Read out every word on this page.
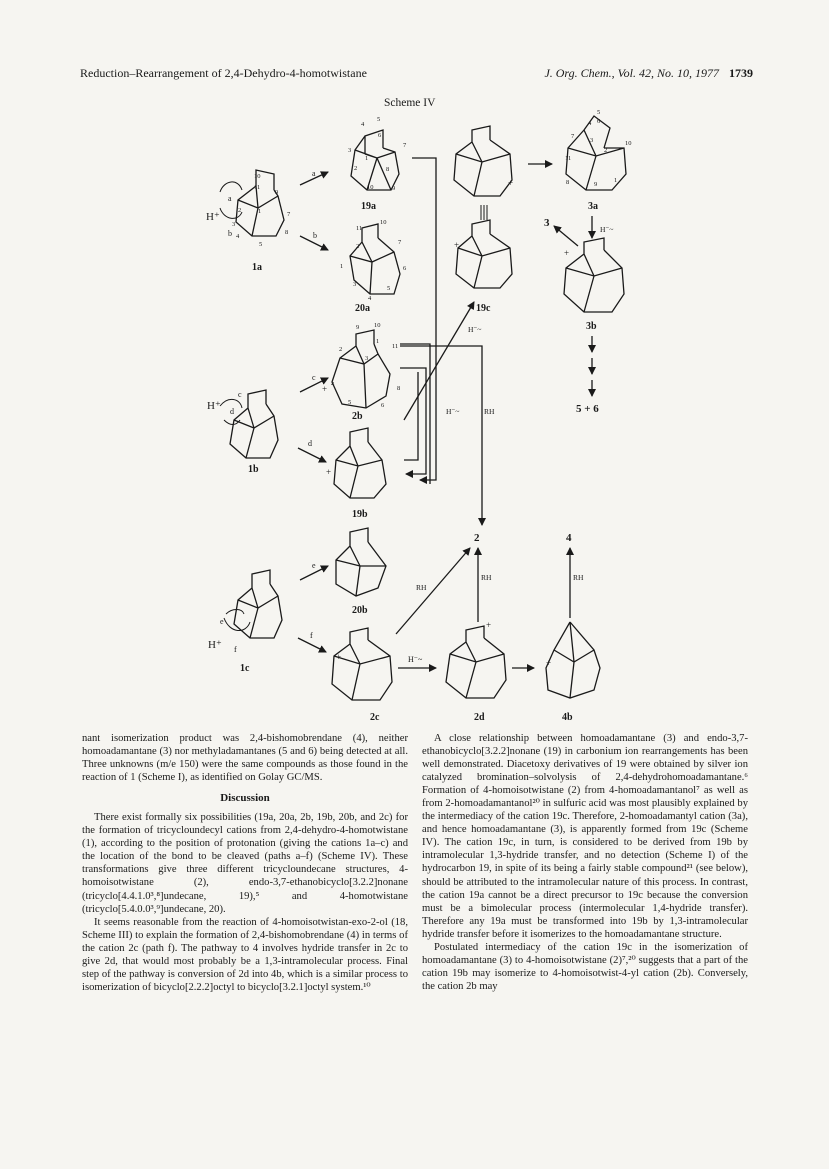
Reduction–Rearrangement of 2,4-Dehydro-4-homotwistane	J. Org. Chem., Vol. 42, No. 10, 1977 1739
Scheme IV
5
4
6
7
8
9
3
2
1
10
19a
H⁺
a
b
10
11
9
2	1	7
3
8
4
5
1a
a
b
10
11
2
1
3
4
5
6
7
20a
10
9
2
3
1
11
8
4
5	6
+
2b
H⁺
c
d
1b
c
d
+
19b
H⁺
e
f
1c
e
f
20b
+
2c
H⁻~
+
2d
+
4b
RH
RH	RH
2	4
H⁻~	RH
H⁻~
+
+
19c
6
5
4
7
3	10
2
11
8	9
1
3a
H⁻~
3
+
3b
5 + 6

nant isomerization product was 2,4-bishomobrendane (4), neither homoadamantane (3) nor methyladamantanes (5 and 6) being detected at all. Three unknowns (m/e 150) were the same compounds as those found in the reaction of 1 (Scheme I), as identified on Golay GC/MS.

Discussion

There exist formally six possibilities (19a, 20a, 2b, 19b, 20b, and 2c) for the formation of tricycloundecyl cations from 2,4-dehydro-4-homotwistane (1), according to the position of protonation (giving the cations 1a–c) and the location of the bond to be cleaved (paths a–f) (Scheme IV). These transformations give three different tricycloundecane structures, 4-homoisotwistane (2), endo-3,7-ethanobicyclo[3.2.2]nonane (tricyclo[4.4.1.0³,⁸]undecane, 19),⁵ and 4-homotwistane (tricyclo[5.4.0.0³,⁹]undecane, 20).

It seems reasonable from the reaction of 4-homoisotwistan-exo-2-ol (18, Scheme III) to explain the formation of 2,4-bishomobrendane (4) in terms of the cation 2c (path f). The pathway to 4 involves hydride transfer in 2c to give 2d, that would most probably be a 1,3-intramolecular process. Final step of the pathway is conversion of 2d into 4b, which is a similar process to isomerization of bicyclo[2.2.2]octyl to bicyclo[3.2.1]octyl system.¹⁰

A close relationship between homoadamantane (3) and endo-3,7-ethanobicyclo[3.2.2]nonane (19) in carbonium ion rearrangements has been well demonstrated. Diacetoxy derivatives of 19 were obtained by silver ion catalyzed bromination–solvolysis of 2,4-dehydrohomoadamantane.⁶ Formation of 4-homoisotwistane (2) from 4-homoadamantanol⁷ as well as from 2-homoadamantanol²⁰ in sulfuric acid was most plausibly explained by the intermediacy of the cation 19c. Therefore, 2-homoadamantyl cation (3a), and hence homoadamantane (3), is apparently formed from 19c (Scheme IV). The cation 19c, in turn, is considered to be derived from 19b by intramolecular 1,3-hydride transfer, and no detection (Scheme I) of the hydrocarbon 19, in spite of its being a fairly stable compound²¹ (see below), should be attributed to the intramolecular nature of this process. In contrast, the cation 19a cannot be a direct precursor to 19c because the conversion must be a bimolecular process (intermolecular 1,4-hydride transfer). Therefore any 19a must be transformed into 19b by 1,3-intramolecular hydride transfer before it isomerizes to the homoadamantane structure.

Postulated intermediacy of the cation 19c in the isomerization of homoadamantane (3) to 4-homoisotwistane (2)⁷,²⁰ suggests that a part of the cation 19b may isomerize to 4-homoisotwist-4-yl cation (2b). Conversely, the cation 2b may
